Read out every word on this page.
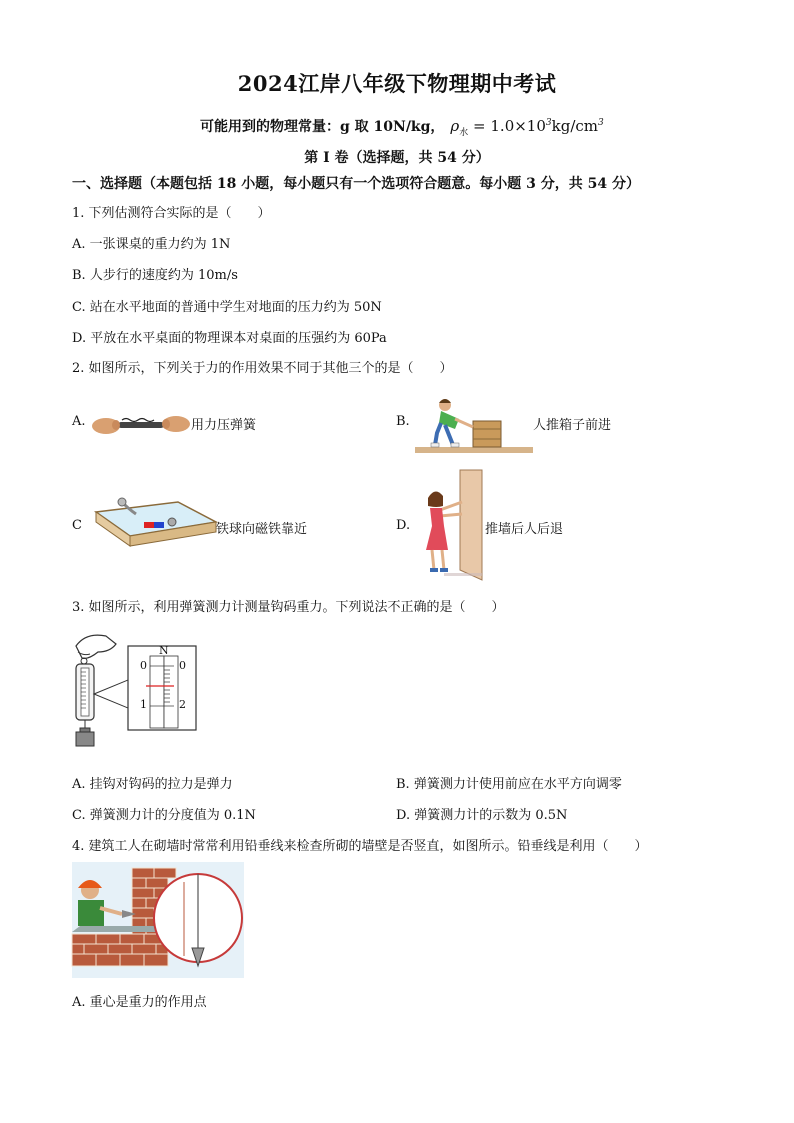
2024江岸八年级下物理期中考试
可能用到的物理常量：g 取 10N/kg， $\rho_水 = 1.0\times 10^3kg/cm^3$
第 I 卷（选择题，共 54 分）
一、选择题（本题包括 18 小题，每小题只有一个选项符合题意。每小题 3 分，共 54 分）
1. 下列估测符合实际的是（　　）
A. 一张课桌的重力约为 1N
B. 人步行的速度约为 10m/s
C. 站在水平地面的普通中学生对地面的压力约为 50N
D. 平放在水平桌面的物理课本对桌面的压强约为 60Pa
2. 如图所示，下列关于力的作用效果不同于其他三个的是（　　）
A.	用力压弹簧	B.	人推箱子前进
C	铁球向磁铁靠近	D.	推墙后人后退
3. 如图所示，利用弹簧测力计测量钩码重力。下列说法不正确的是（　　）
N
0	0
1	2
A. 挂钩对钩码的拉力是弹力	B. 弹簧测力计使用前应在水平方向调零
C. 弹簧测力计的分度值为 0.1N	D. 弹簧测力计的示数为 0.5N
4. 建筑工人在砌墙时常常利用铅垂线来检查所砌的墙壁是否竖直，如图所示。铅垂线是利用（　　）
A. 重心是重力的作用点
